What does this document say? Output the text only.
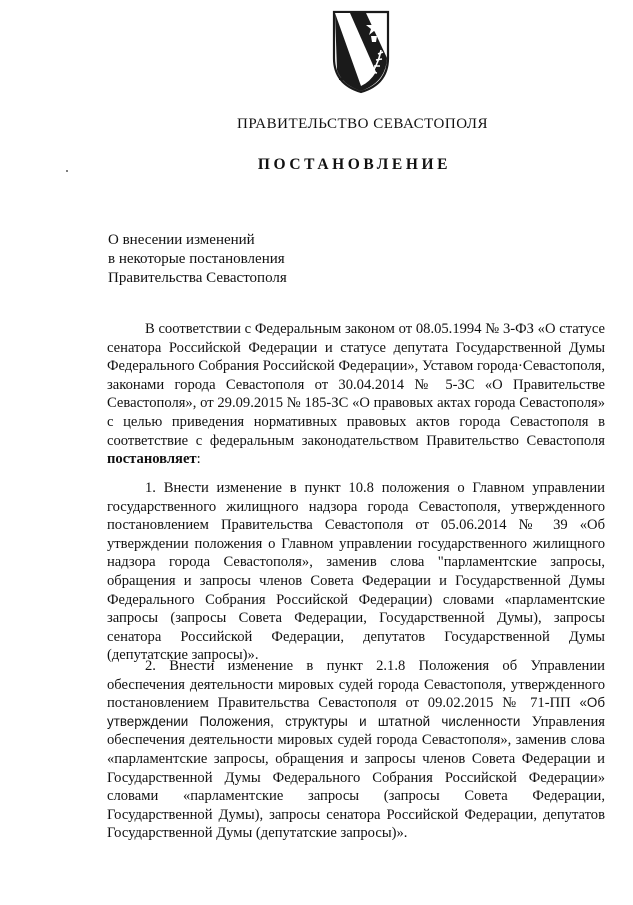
ПРАВИТЕЛЬСТВО СЕВАСТОПОЛЯ
ПОСТАНОВЛЕНИЕ
О внесении изменений
в некоторые постановления
Правительства Севастополя

В соответствии с Федеральным законом от 08.05.1994 № 3-ФЗ «О статусе сенатора Российской Федерации и статусе депутата Государственной Думы Федерального Собрания Российской Федерации», Уставом города·Севастополя, законами города Севастополя от 30.04.2014 № 5-ЗС «О Правительстве Севастополя», от 29.09.2015 № 185-ЗС «О правовых актах города Севастополя» с целью приведения нормативных правовых актов города Севастополя в соответствие с федеральным законодательством Правительство Севастополя постановляет:

1. Внести изменение в пункт 10.8 положения о Главном управлении государственного жилищного надзора города Севастополя, утвержденного постановлением Правительства Севастополя от 05.06.2014 № 39 «Об утверждении положения о Главном управлении государственного жилищного надзора города Севастополя», заменив слова "парламентские запросы, обращения и запросы членов Совета Федерации и Государственной Думы Федерального Собрания Российской Федерации) словами «парламентские запросы (запросы Совета Федерации, Государственной Думы), запросы сенатора Российской Федерации, депутатов Государственной Думы (депутатские запросы)».

2. Внести изменение в пункт 2.1.8 Положения об Управлении обеспечения деятельности мировых судей города Севастополя, утвержденного постановлением Правительства Севастополя от 09.02.2015 № 71-ПП «Об утверждении Положения, структуры и штатной численности Управления обеспечения деятельности мировых судей города Севастополя», заменив слова «парламентские запросы, обращения и запросы членов Совета Федерации и Государственной Думы Федерального Собрания Российской Федерации» словами «парламентские запросы (запросы Совета Федерации, Государственной Думы), запросы сенатора Российской Федерации, депутатов Государственной Думы (депутатские запросы)».
